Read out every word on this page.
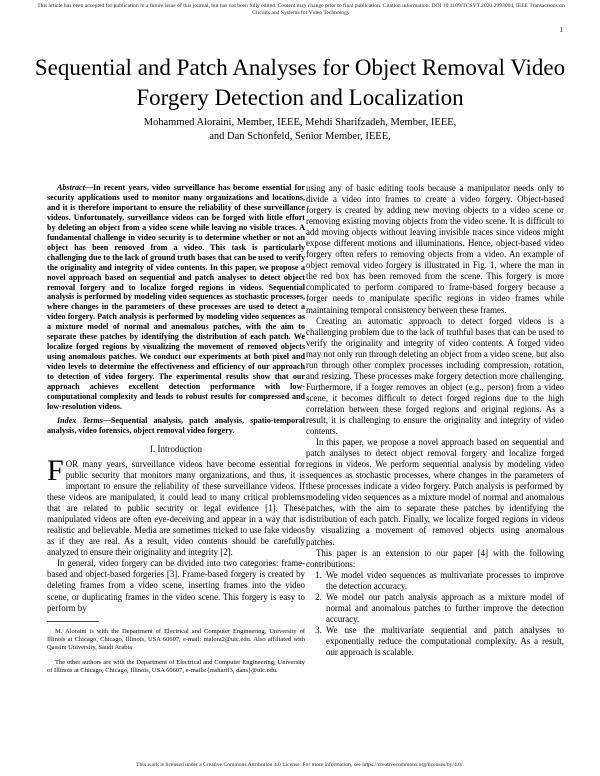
This article has been accepted for publication in a future issue of this journal, but has not been fully edited. Content may change prior to final publication. Citation information: DOI 10.1109/TCSVT.2020.2993004, IEEE Transactions on Circuits and Systems for Video Technology
1
Sequential and Patch Analyses for Object Removal Video Forgery Detection and Localization
Mohammed Aloraini, Member, IEEE, Mehdi Sharifzadeh, Member, IEEE,
and Dan Schonfeld, Senior Member, IEEE,

Abstract—In recent years, video surveillance has become essential for security applications used to monitor many organizations and locations, and it is therefore important to ensure the reliability of these surveillance videos. Unfortunately, surveillance videos can be forged with little effort by deleting an object from a video scene while leaving no visible traces. A fundamental challenge in video security is to determine whether or not an object has been removed from a video. This task is particularly challenging due to the lack of ground truth bases that can be used to verify the originality and integrity of video contents. In this paper, we propose a novel approach based on sequential and patch analyses to detect object removal forgery and to localize forged regions in videos. Sequential analysis is performed by modeling video sequences as stochastic processes, where changes in the parameters of these processes are used to detect a video forgery. Patch analysis is performed by modeling video sequences as a mixture model of normal and anomalous patches, with the aim to separate these patches by identifying the distribution of each patch. We localize forged regions by visualizing the movement of removed objects using anomalous patches. We conduct our experiments at both pixel and video levels to determine the effectiveness and efficiency of our approach to detection of video forgery. The experimental results show that our approach achieves excellent detection performance with low-computational complexity and leads to robust results for compressed and low-resolution videos.

Index Terms—Sequential analysis, patch analysis, spatio-temporal analysis, video forensics, object removal video forgery.

I. Introduction

FOR many years, surveillance videos have become essential for public security that monitors many organizations, and thus, it is important to ensure the reliability of these surveillance videos. If these videos are manipulated, it could lead to many critical problems that are related to public security or legal evidence [1]. These manipulated videos are often eye-deceiving and appear in a way that is realistic and believable. Media are sometimes tricked to use fake videos as if they are real. As a result, video contents should be carefully analyzed to ensure their originality and integrity [2].

In general, video forgery can be divided into two categories: frame-based and object-based forgeries [3]. Frame-based forgery is created by deleting frames from a video scene, inserting frames into the video scene, or duplicating frames in the video scene. This forgery is easy to perform by

M. Aloraini is with the Department of Electrical and Computer Engineering, University of Illinois at Chicago, Chicago, Illinois, USA 60607, e-mail: malora2@uic.edu. Also affiliated with Qassim University, Saudi Arabia

The other authors are with the Department of Electrical and Computer Engineering, University of Illinois at Chicago, Chicago, Illinois, USA 60607, e-mails:{msharif3, dans}@uic.edu.

using any of basic editing tools because a manipulator needs only to divide a video into frames to create a video forgery. Object-based forgery is created by adding new moving objects to a video scene or removing existing moving objects from the video scene. It is difficult to add moving objects without leaving invisible traces since videos might expose different motions and illuminations. Hence, object-based video forgery often refers to removing objects from a video. An example of object removal video forgery is illustrated in Fig. 1, where the man in the red box has been removed from the scene. This forgery is more complicated to perform compared to frame-based forgery because a forger needs to manipulate specific regions in video frames while maintaining temporal consistency between these frames.

Creating an automatic approach to detect forged videos is a challenging problem due to the lack of truthful bases that can be used to verify the originality and integrity of video contents. A forged video may not only run through deleting an object from a video scene, but also run through other complex processes including compression, rotation, and resizing. These processes make forgery detection more challenging. Furthermore, if a forger removes an object (e.g., person) from a video scene, it becomes difficult to detect forged regions due to the high correlation between these forged regions and original regions. As a result, it is challenging to ensure the originality and integrity of video contents.

In this paper, we propose a novel approach based on sequential and patch analyses to detect object removal forgery and localize forged regions in videos. We perform sequential analysis by modeling video sequences as stochastic processes, where changes in the parameters of these processes indicate a video forgery. Patch analysis is performed by modeling video sequences as a mixture model of normal and anomalous patches, with the aim to separate these patches by identifying the distribution of each patch. Finally, we localize forged regions in videos by visualizing a movement of removed objects using anomalous patches.

This paper is an extension to our paper [4] with the following contributions:

1. We model video sequences as multivariate processes to improve the detection accuracy.
2. We model our patch analysis approach as a mixture model of normal and anomalous patches to further improve the detection accuracy.
3. We use the multivariate sequential and patch analyses to exponentially reduce the computational complexity. As a result, our approach is scalable.
This work is licensed under a Creative Commons Attribution 4.0 License. For more information, see https://creativecommons.org/licenses/by/4.0/.
